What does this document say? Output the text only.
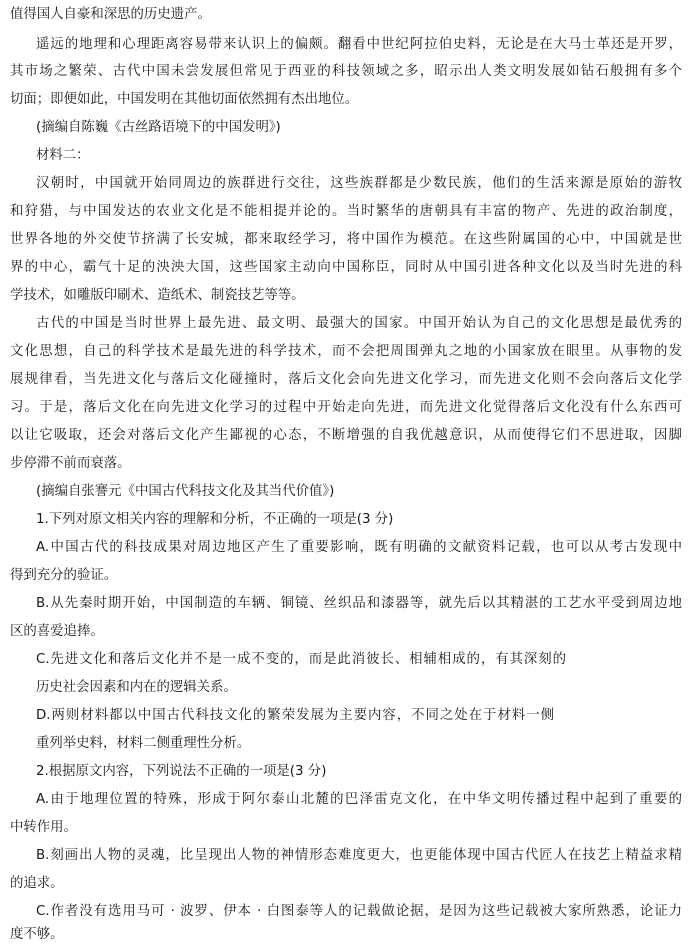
值得国人自豪和深思的历史遗产。
遥远的地理和心理距离容易带来认识上的偏颇。翻看中世纪阿拉伯史料，无论是在大马士革还是开罗，
其市场之繁荣、古代中国未尝发展但常见于西亚的科技领域之多，昭示出人类文明发展如钻石般拥有多个
切面；即便如此，中国发明在其他切面依然拥有杰出地位。
(摘编自陈巍《古丝路语境下的中国发明》)
材料二：
汉朝时，中国就开始同周边的族群进行交往，这些族群都是少数民族，他们的生活来源是原始的游牧
和狩猎，与中国发达的农业文化是不能相提并论的。当时繁华的唐朝具有丰富的物产、先进的政治制度，
世界各地的外交使节挤满了长安城，都来取经学习，将中国作为模范。在这些附属国的心中，中国就是世
界的中心，霸气十足的泱泱大国，这些国家主动向中国称臣，同时从中国引进各种文化以及当时先进的科
学技术，如雕版印刷术、造纸术、制瓷技艺等等。
古代的中国是当时世界上最先进、最文明、最强大的国家。中国开始认为自己的文化思想是最优秀的
文化思想，自己的科学技术是最先进的科学技术，而不会把周围弹丸之地的小国家放在眼里。从事物的发
展规律看，当先进文化与落后文化碰撞时，落后文化会向先进文化学习，而先进文化则不会向落后文化学
习。于是，落后文化在向先进文化学习的过程中开始走向先进，而先进文化觉得落后文化没有什么东西可
以让它吸取，还会对落后文化产生鄙视的心态，不断增强的自我优越意识，从而使得它们不思进取，因脚
步停滞不前而衰落。
(摘编自张謇元《中国古代科技文化及其当代价值》)
1.下列对原文相关内容的理解和分析，不正确的一项是(3 分)
A.中国古代的科技成果对周边地区产生了重要影响，既有明确的文献资料记载，也可以从考古发现中
得到充分的验证。
B.从先秦时期开始，中国制造的车辆、铜镜、丝织品和漆器等，就先后以其精湛的工艺水平受到周边地
区的喜爱追捧。
C.先进文化和落后文化并不是一成不变的，而是此消彼长、相辅相成的，有其深刻的
历史社会因素和内在的逻辑关系。
D.两则材料都以中国古代科技文化的繁荣发展为主要内容，不同之处在于材料一侧
重列举史料，材料二侧重理性分析。
2.根据原文内容，下列说法不正确的一项是(3 分)
A.由于地理位置的特殊，形成于阿尔泰山北麓的巴泽雷克文化，在中华文明传播过程中起到了重要的
中转作用。
B.刻画出人物的灵魂，比呈现出人物的神情形态难度更大，也更能体现中国古代匠人在技艺上精益求精
的追求。
C.作者没有选用马可 · 波罗、伊本 · 白图泰等人的记载做论据，是因为这些记载被大家所熟悉，论证力
度不够。
